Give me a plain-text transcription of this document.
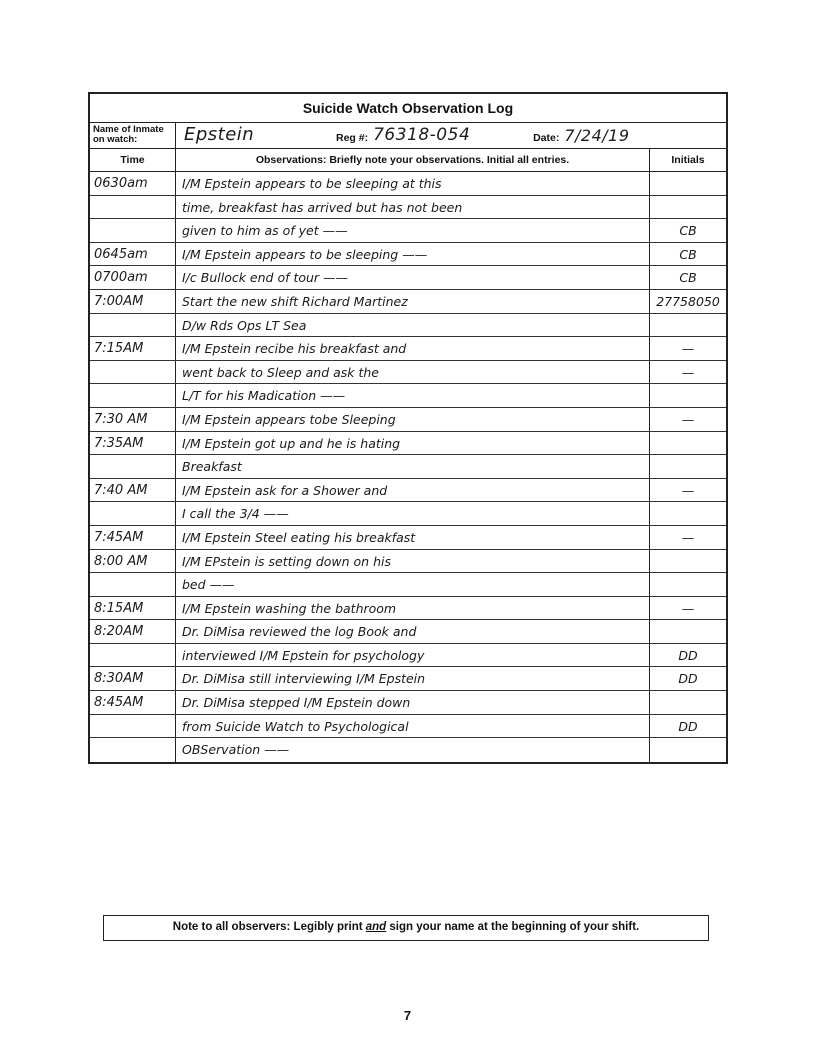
Suicide Watch Observation Log
Name of Inmate on watch:	Epstein	Reg #: 76318-054	Date: 7/24/19
Time	Observations: Briefly note your observations. Initial all entries.	Initials
0630am	I/M Epstein appears to be sleeping at this
time, breakfast has arrived but has not been
given to him as of yet ——	CB
0645am	I/M Epstein appears to be sleeping ——	CB
0700am	I/c Bullock end of tour ——	CB
7:00AM	Start the new shift Richard Martinez	27758050
D/w Rds Ops LT Sea
7:15AM	I/M Epstein recibe his breakfast and	—
went back to Sleep and ask the	—
L/T for his Madication ——
7:30 AM	I/M Epstein appears tobe Sleeping	—
7:35AM	I/M Epstein got up and he is hating
Breakfast
7:40 AM	I/M Epstein ask for a Shower and	—
I call the 3/4 ——
7:45AM	I/M Epstein Steel eating his breakfast	—
8:00 AM	I/M EPstein is setting down on his
bed ——
8:15AM	I/M Epstein washing the bathroom	—
8:20AM	Dr. DiMisa reviewed the log Book and
interviewed I/M Epstein for psychology	DD
8:30AM	Dr. DiMisa still interviewing I/M Epstein	DD
8:45AM	Dr. DiMisa stepped I/M Epstein down
from Suicide Watch to Psychological	DD
OBServation ——
Note to all observers: Legibly print and sign your name at the beginning of your shift.
7
